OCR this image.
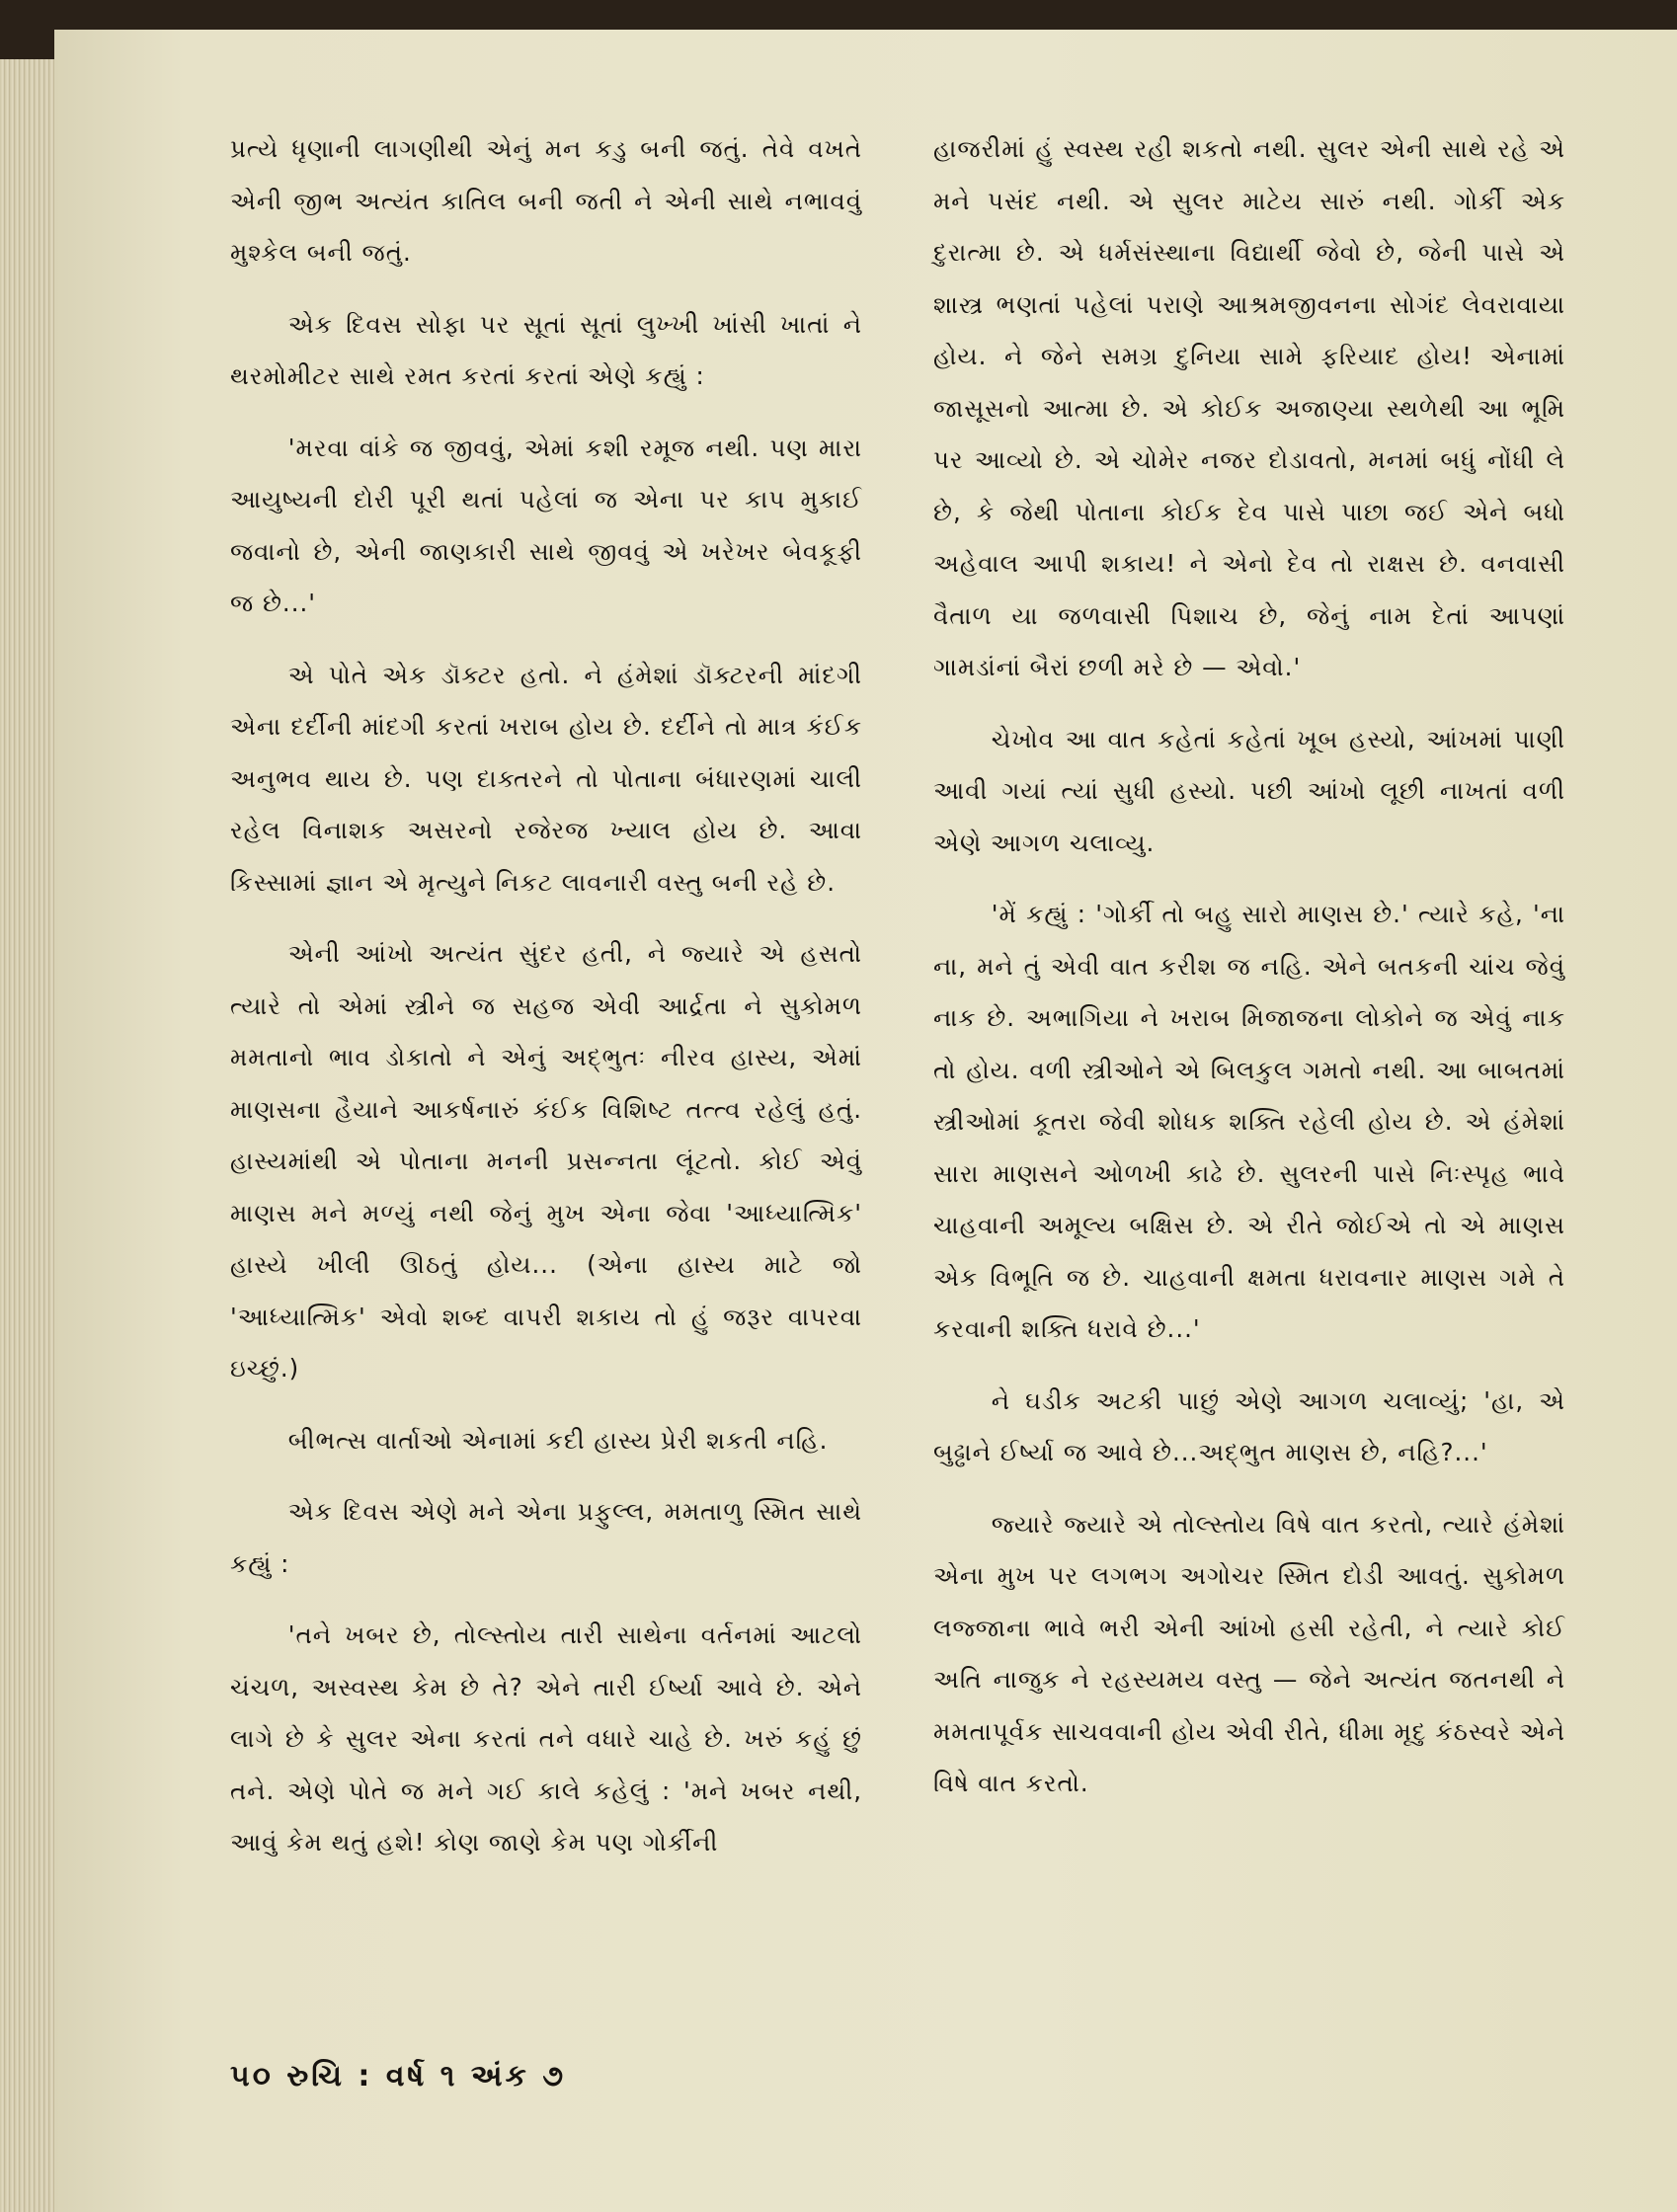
પ્રત્યે ધૃણાની લાગણીથી એનું મન કડુ બની જતું. તેવે વખતે એની જીભ અત્યંત કાતિલ બની જતી ને એની સાથે નભાવવું મુશ્કેલ બની જતું.

એક દિવસ સોફા પર સૂતાં સૂતાં લુખ્ખી ખાંસી ખાતાં ને થરમોમીટર સાથે રમત કરતાં કરતાં એણે કહ્યું :

'મરવા વાંકે જ જીવવું, એમાં કશી રમૂજ નથી. પણ મારા આયુષ્યની દોરી પૂરી થતાં પહેલાં જ એના પર કાપ મુકાઈ જવાનો છે, એની જાણકારી સાથે જીવવું એ ખરેખર બેવકૂફી જ છે...'

એ પોતે એક ડૉક્ટર હતો. ને હંમેશાં ડૉક્ટરની માંદગી એના દર્દીની માંદગી કરતાં ખરાબ હોય છે. દર્દીને તો માત્ર કંઈક અનુભવ થાય છે. પણ દાક્તરને તો પોતાના બંધારણમાં ચાલી રહેલ વિનાશક અસરનો રજેરજ ખ્યાલ હોય છે. આવા કિસ્સામાં જ્ઞાન એ મૃત્યુને નિકટ લાવનારી વસ્તુ બની રહે છે.

એની આંખો અત્યંત સુંદર હતી, ને જ્યારે એ હસતો ત્યારે તો એમાં સ્ત્રીને જ સહજ એવી આર્દ્રતા ને સુકોમળ મમતાનો ભાવ ડોકાતો ને એનું અદ્ભુતઃ નીરવ હાસ્ય, એમાં માણસના હૈયાને આકર્ષનારું કંઈક વિશિષ્ટ તત્ત્વ રહેલું હતું. હાસ્યમાંથી એ પોતાના મનની પ્રસન્નતા લૂંટતો. કોઈ એવું માણસ મને મળ્યું નથી જેનું મુખ એના જેવા 'આધ્યાત્મિક' હાસ્યે ખીલી ઊઠતું હોય... (એના હાસ્ય માટે જો 'આધ્યાત્મિક' એવો શબ્દ વાપરી શકાય તો હું જરૂર વાપરવા ઇચ્છું.)

બીભત્સ વાર્તાઓ એનામાં કદી હાસ્ય પ્રેરી શકતી નહિ.

એક દિવસ એણે મને એના પ્રફુલ્લ, મમતાળુ સ્મિત સાથે કહ્યું :

'તને ખબર છે, તોલ્સ્તોય તારી સાથેના વર્તનમાં આટલો ચંચળ, અસ્વસ્થ કેમ છે તે? એને તારી ઈર્ષ્યા આવે છે. એને લાગે છે કે સુલર એના કરતાં તને વધારે ચાહે છે. ખરું કહું છું તને. એણે પોતે જ મને ગઈ કાલે કહેલું : 'મને ખબર નથી, આવું કેમ થતું હશે! કોણ જાણે કેમ પણ ગોર્કીની

હાજરીમાં હું સ્વસ્થ રહી શકતો નથી. સુલર એની સાથે રહે એ મને પસંદ નથી. એ સુલર માટેય સારું નથી. ગોર્કી એક દુરાત્મા છે. એ ધર્મસંસ્થાના વિદ્યાર્થી જેવો છે, જેની પાસે એ શાસ્ત્ર ભણતાં પહેલાં પરાણે આશ્રમજીવનના સોગંદ લેવરાવાયા હોય. ને જેને સમગ્ર દુનિયા સામે ફરિયાદ હોય! એનામાં જાસૂસનો આત્મા છે. એ કોઈક અજાણ્યા સ્થળેથી આ ભૂમિ પર આવ્યો છે. એ ચોમેર નજર દોડાવતો, મનમાં બધું નોંધી લે છે, કે જેથી પોતાના કોઈક દેવ પાસે પાછા જઈ એને બધો અહેવાલ આપી શકાય! ને એનો દેવ તો રાક્ષસ છે. વનવાસી વૈતાળ યા જળવાસી પિશાચ છે, જેનું નામ દેતાં આપણાં ગામડાંનાં બૈરાં છળી મરે છે — એવો.'

ચેખોવ આ વાત કહેતાં કહેતાં ખૂબ હસ્યો, આંખમાં પાણી આવી ગયાં ત્યાં સુધી હસ્યો. પછી આંખો લૂછી નાખતાં વળી એણે આગળ ચલાવ્યુ.

'મેં કહ્યું : 'ગોર્કી તો બહુ સારો માણસ છે.' ત્યારે કહે, 'ના ના, મને તું એવી વાત કરીશ જ નહિ. એને બતકની ચાંચ જેવું નાક છે. અભાગિયા ને ખરાબ મિજાજના લોકોને જ એવું નાક તો હોય. વળી સ્ત્રીઓને એ બિલકુલ ગમતો નથી. આ બાબતમાં સ્ત્રીઓમાં કૂતરા જેવી શોધક શક્તિ રહેલી હોય છે. એ હંમેશાં સારા માણસને ઓળખી કાઢે છે. સુલરની પાસે નિઃસ્પૃહ ભાવે ચાહવાની અમૂલ્ય બક્ષિસ છે. એ રીતે જોઈએ તો એ માણસ એક વિભૂતિ જ છે. ચાહવાની ક્ષમતા ધરાવનાર માણસ ગમે તે કરવાની શક્તિ ધરાવે છે...'

ને ઘડીક અટકી પાછું એણે આગળ ચલાવ્યું; 'હા, એ બુઢ્ઢાને ઈર્ષ્યા જ આવે છે...અદ્ભુત માણસ છે, નહિ?...'

જ્યારે જ્યારે એ તોલ્સ્તોય વિષે વાત કરતો, ત્યારે હંમેશાં એના મુખ પર લગભગ અગોચર સ્મિત દોડી આવતું. સુકોમળ લજ્જાના ભાવે ભરી એની આંખો હસી રહેતી, ને ત્યારે કોઈ અતિ નાજુક ને રહસ્યમય વસ્તુ — જેને અત્યંત જતનથી ને મમતાપૂર્વક સાચવવાની હોય એવી રીતે, ધીમા મૃદુ કંઠસ્વરે એને વિષે વાત કરતો.

૫૦ રુચિ : વર્ષ ૧ અંક ૭
